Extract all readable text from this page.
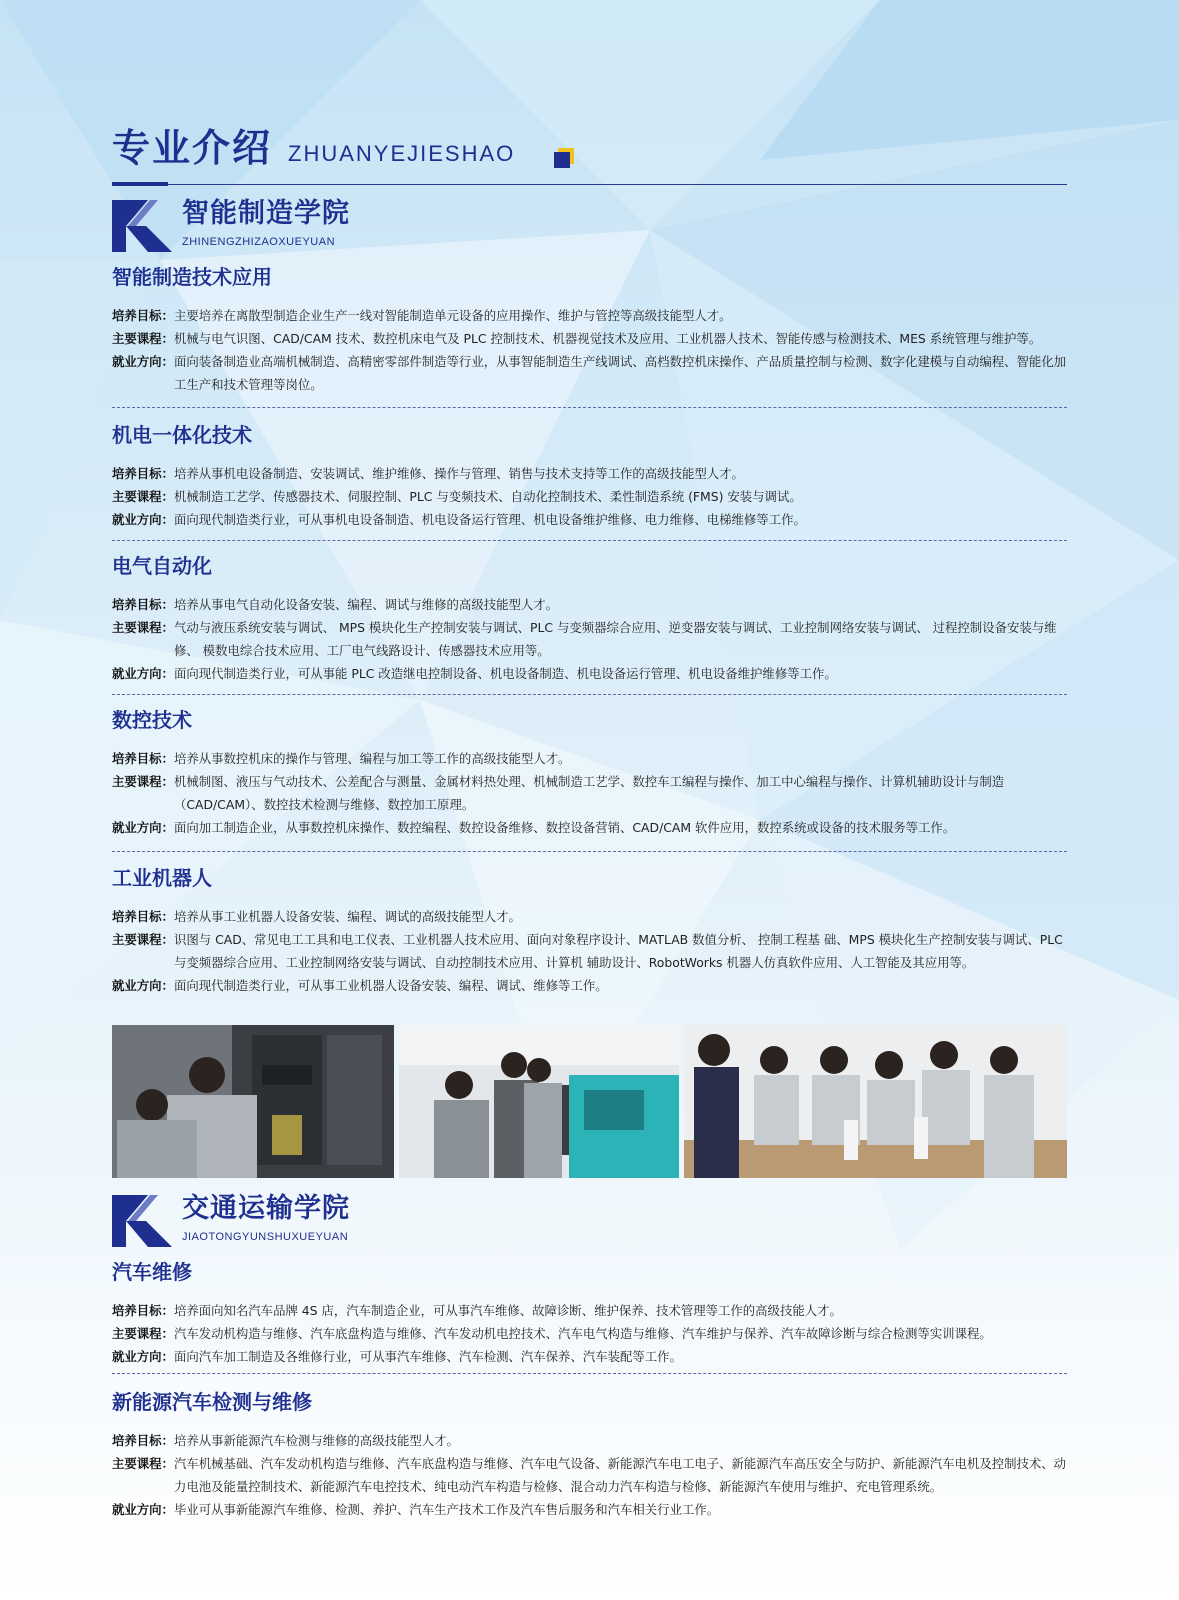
专业介绍 ZHUANYEJIESHAO
智能制造学院
ZHINENGZHIZAOXUEYUAN
智能制造技术应用
培养目标： 主要培养在离散型制造企业生产一线对智能制造单元设备的应用操作、维护与管控等高级技能型人才。
主要课程： 机械与电气识图、CAD/CAM 技术、数控机床电气及 PLC 控制技术、机器视觉技术及应用、工业机器人技术、智能传感与检测技术、MES 系统管理与维护等。
就业方向： 面向装备制造业高端机械制造、高精密零部件制造等行业，从事智能制造生产线调试、高档数控机床操作、产品质量控制与检测、数字化建模与自动编程、智能化加工生产和技术管理等岗位。
机电一体化技术
培养目标： 培养从事机电设备制造、安装调试、维护维修、操作与管理、销售与技术支持等工作的高级技能型人才。
主要课程： 机械制造工艺学、传感器技术、伺服控制、PLC 与变频技术、自动化控制技术、柔性制造系统 (FMS) 安装与调试。
就业方向： 面向现代制造类行业，可从事机电设备制造、机电设备运行管理、机电设备维护维修、电力维修、电梯维修等工作。
电气自动化
培养目标： 培养从事电气自动化设备安装、编程、调试与维修的高级技能型人才。
主要课程： 气动与液压系统安装与调试、 MPS 模块化生产控制安装与调试、PLC 与变频器综合应用、逆变器安装与调试、工业控制网络安装与调试、 过程控制设备安装与维修、 模数电综合技术应用、工厂电气线路设计、传感器技术应用等。
就业方向： 面向现代制造类行业，可从事能 PLC 改造继电控制设备、机电设备制造、机电设备运行管理、机电设备维护维修等工作。
数控技术
培养目标： 培养从事数控机床的操作与管理、编程与加工等工作的高级技能型人才。
主要课程： 机械制图、液压与气动技术、公差配合与测量、金属材料热处理、机械制造工艺学、数控车工编程与操作、加工中心编程与操作、计算机辅助设计与制造（CAD/CAM）、数控技术检测与维修、数控加工原理。
就业方向： 面向加工制造企业，从事数控机床操作、数控编程、数控设备维修、数控设备营销、CAD/CAM 软件应用，数控系统或设备的技术服务等工作。
工业机器人
培养目标： 培养从事工业机器人设备安装、编程、调试的高级技能型人才。
主要课程： 识图与 CAD、常见电工工具和电工仪表、工业机器人技术应用、面向对象程序设计、MATLAB 数值分析、 控制工程基 础、MPS 模块化生产控制安装与调试、PLC 与变频器综合应用、工业控制网络安装与调试、自动控制技术应用、计算机 辅助设计、RobotWorks 机器人仿真软件应用、人工智能及其应用等。
就业方向： 面向现代制造类行业，可从事工业机器人设备安装、编程、调试、维修等工作。
交通运输学院
JIAOTONGYUNSHUXUEYUAN
汽车维修
培养目标： 培养面向知名汽车品牌 4S 店，汽车制造企业，可从事汽车维修、故障诊断、维护保养、技术管理等工作的高级技能人才。
主要课程： 汽车发动机构造与维修、汽车底盘构造与维修、汽车发动机电控技术、汽车电气构造与维修、汽车维护与保养、汽车故障诊断与综合检测等实训课程。
就业方向： 面向汽车加工制造及各维修行业，可从事汽车维修、汽车检测、汽车保养、汽车装配等工作。
新能源汽车检测与维修
培养目标： 培养从事新能源汽车检测与维修的高级技能型人才。
主要课程： 汽车机械基础、汽车发动机构造与维修、汽车底盘构造与维修、汽车电气设备、新能源汽车电工电子、新能源汽车高压安全与防护、新能源汽车电机及控制技术、动力电池及能量控制技术、新能源汽车电控技术、纯电动汽车构造与检修、混合动力汽车构造与检修、新能源汽车使用与维护、充电管理系统。
就业方向： 毕业可从事新能源汽车维修、检测、养护、汽车生产技术工作及汽车售后服务和汽车相关行业工作。
